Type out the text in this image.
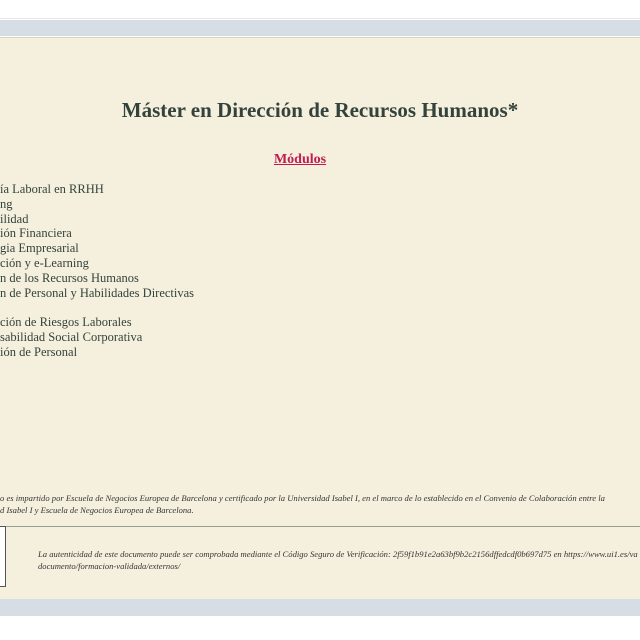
Máster en Dirección de Recursos Humanos*
Módulos
ía Laboral en RRHH
ng
ilidad
ión Financiera
gia Empresarial
ción y e-Learning
n de los Recursos Humanos
n de Personal y Habilidades Directivas
ción de Riesgos Laborales
sabilidad Social Corporativa
ión de Personal

o es impartido por Escuela de Negocios Europea de Barcelona y certificado por la Universidad Isabel I, en el marco de lo establecido en el Convenio de Colaboración entre la
d Isabel I y Escuela de Negocios Europea de Barcelona.

La autenticidad de este documento puede ser comprobada mediante el Código Seguro de Verificación: 2f59f1b91e2a63bf9b2c2156dffedcdf0b697d75 en https://www.ui1.es/va
documento/formacion-validada/externos/
